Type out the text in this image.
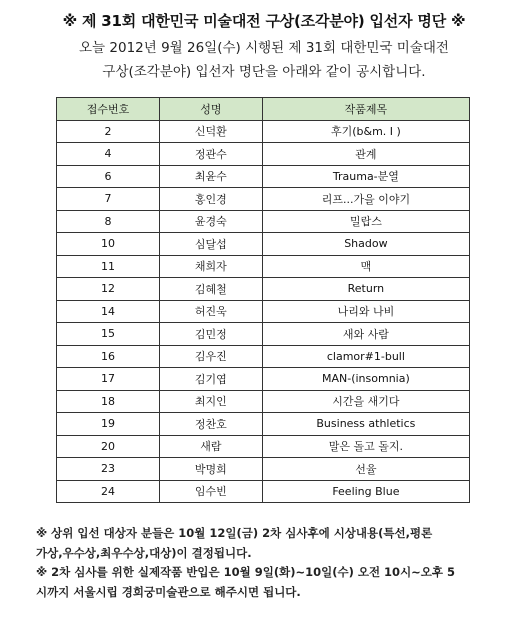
※ 제 31회 대한민국 미술대전 구상(조각분야) 입선자 명단 ※
오늘 2012년 9월 26일(수) 시행된 제 31회 대한민국 미술대전
구상(조각분야) 입선자 명단을 아래와 같이 공시합니다.
접수번호	성명	작품제목
2	신덕환	후기(b&m. I )
4	정관수	관계
6	최윤수	Trauma-분열
7	홍인경	리프...가을 이야기
8	윤경숙	밀랍스
10	심달섭	Shadow
11	채희자	맥
12	김혜철	Return
14	허진욱	나리와 나비
15	김민정	새와 사람
16	김우진	clamor#1-bull
17	김기엽	MAN-(insomnia)
18	최지인	시간을 새기다
19	정찬호	Business athletics
20	새람	말은 돌고 돌지.
23	박명희	선율
24	임수빈	Feeling Blue

※ 상위 입선 대상자 분들은 10월 12일(금) 2차 심사후에 시상내용(특선,평론

가상,우수상,최우수상,대상)이 결정됩니다.

※ 2차 심사를 위한 실제작품 반입은 10월 9일(화)~10일(수) 오전 10시~오후 5

시까지 서울시립 경희궁미술관으로 해주시면 됩니다.
